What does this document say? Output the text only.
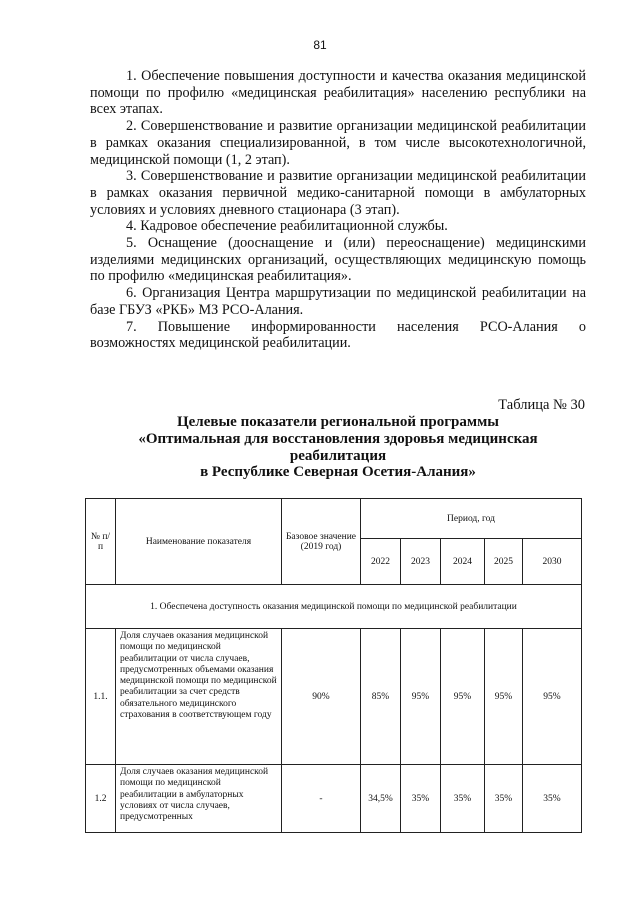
81

1. Обеспечение повышения доступности и качества оказания медицинской помощи по профилю «медицинская реабилитация» населению республики на всех этапах.

2. Совершенствование и развитие организации медицинской реабилитации в рамках оказания специализированной, в том числе высокотехнологичной, медицинской помощи (1, 2 этап).

3. Совершенствование и развитие организации медицинской реабилитации в рамках оказания первичной медико-санитарной помощи в амбулаторных условиях и условиях дневного стационара (3 этап).

4. Кадровое обеспечение реабилитационной службы.

5. Оснащение (дооснащение и (или) переоснащение) медицинскими изделиями медицинских организаций, осуществляющих медицинскую помощь по профилю «медицинская реабилитация».

6. Организация Центра маршрутизации по медицинской реабилитации на базе ГБУЗ «РКБ» МЗ РСО-Алания.

7. Повышение информированности населения РСО-Алания о возможностях медицинской реабилитации.

Таблица № 30
Целевые показатели региональной программы
«Оптимальная для восстановления здоровья медицинская реабилитация
в Республике Северная Осетия-Алания»
№ п/п	Наименование показателя	Базовое значение (2019 год)	Период, год				
			2022	2023	2024	2025	2030
1. Обеспечена доступность оказания медицинской помощи по медицинской реабилитации							
1.1.	Доля случаев оказания медицинской помощи по медицинской реабилитации от числа случаев, предусмотренных объемами оказания медицинской помощи по медицинской реабилитации за счет средств обязательного медицинского страхования в соответствующем году	90%	85%	95%	95%	95%	95%
1.2	Доля случаев оказания медицинской помощи по медицинской реабилитации в амбулаторных условиях от числа случаев, предусмотренных	-	34,5%	35%	35%	35%	35%
